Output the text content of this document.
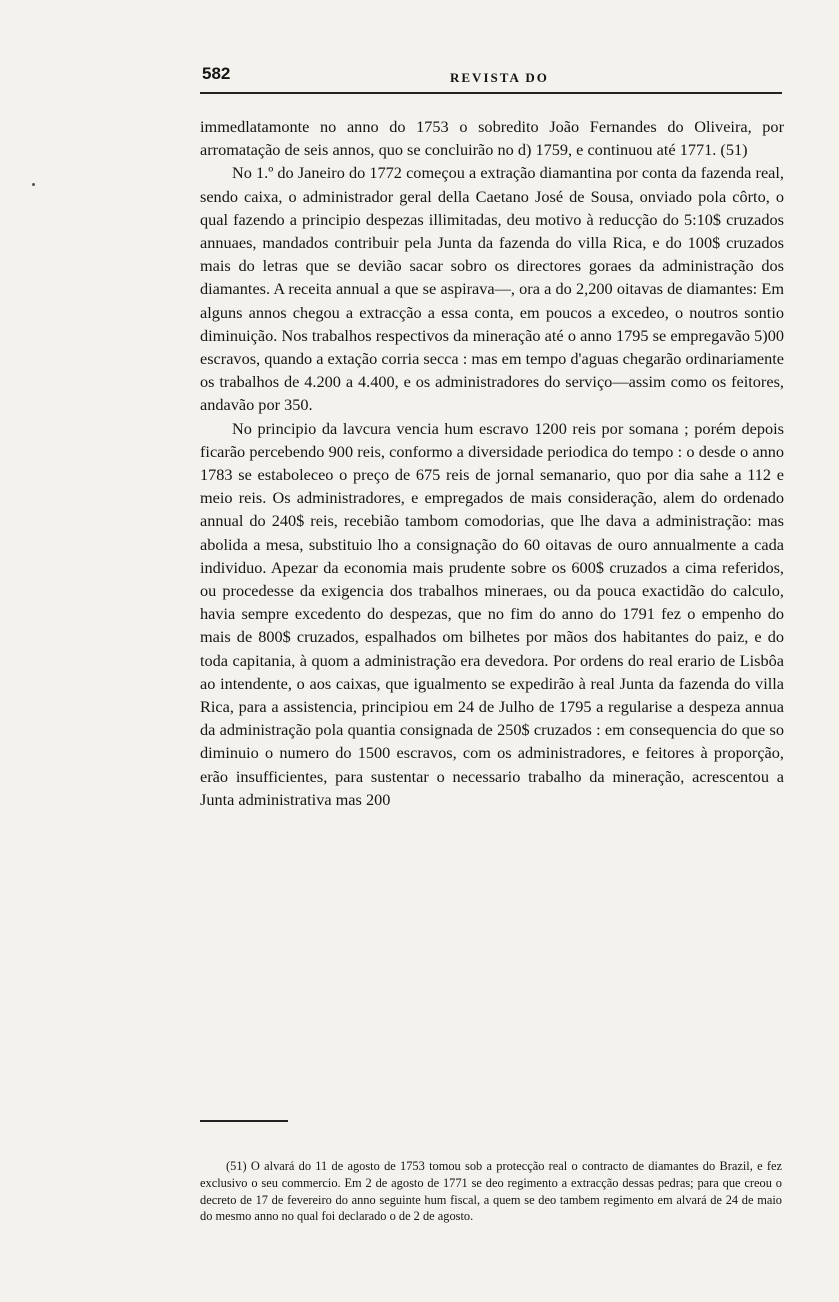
582	REVISTA DO

immedlatamonte no anno do 1753 o sobredito João Fernandes do Oliveira, por arromatação de seis annos, quo se concluirão no d) 1759, e continuou até 1771. (51)

No 1.º do Janeiro do 1772 começou a extração diamantina por conta da fazenda real, sendo caixa, o administrador geral della Caetano José de Sousa, onviado pola côrto, o qual fazendo a principio despezas illimitadas, deu motivo à reducção do 5:10$ cruzados annuaes, mandados contribuir pela Junta da fazenda do villa Rica, e do 100$ cruzados mais do letras que se devião sacar sobro os directores goraes da administração dos diamantes. A receita annual a que se aspirava—, ora a do 2,200 oitavas de diamantes: Em alguns annos chegou a extracção a essa conta, em poucos a excedeo, o noutros sontio diminuição. Nos trabalhos respectivos da mineração até o anno 1795 se empregavão 5)00 escravos, quando a extação corria secca : mas em tempo d'aguas chegarão ordinariamente os trabalhos de 4.200 a 4.400, e os administradores do serviço—assim como os feitores, andavão por 350.

No principio da lavcura vencia hum escravo 1200 reis por somana ; porém depois ficarão percebendo 900 reis, conformo a diversidade periodica do tempo : o desde o anno 1783 se estaboleceo o preço de 675 reis de jornal semanario, quo por dia sahe a 112 e meio reis. Os administradores, e empregados de mais consideração, alem do ordenado annual do 240$ reis, recebião tambom comodorias, que lhe dava a administração: mas abolida a mesa, substituio lho a consignação do 60 oitavas de ouro annualmente a cada individuo. Apezar da economia mais prudente sobre os 600$ cruzados a cima referidos, ou procedesse da exigencia dos trabalhos mineraes, ou da pouca exactidão do calculo, havia sempre excedento do despezas, que no fim do anno do 1791 fez o empenho do mais de 800$ cruzados, espalhados om bilhetes por mãos dos habitantes do paiz, e do toda capitania, à quom a administração era devedora. Por ordens do real erario de Lisbôa ao intendente, o aos caixas, que igualmento se expedirão à real Junta da fazenda do villa Rica, para a assistencia, principiou em 24 de Julho de 1795 a regularise a despeza annua da administração pola quantia consignada de 250$ cruzados : em consequencia do que so diminuio o numero do 1500 escravos, com os administradores, e feitores à proporção, erão insufficientes, para sustentar o necessario trabalho da mineração, acrescentou a Junta administrativa mas 200

(51) O alvará do 11 de agosto de 1753 tomou sob a protecção real o contracto de diamantes do Brazil, e fez exclusivo o seu commercio. Em 2 de agosto de 1771 se deo regimento a extracção dessas pedras; para que creou o decreto de 17 de fevereiro do anno seguinte hum fiscal, a quem se deo tambem regimento em alvará de 24 de maio do mesmo anno no qual foi declarado o de 2 de agosto.
